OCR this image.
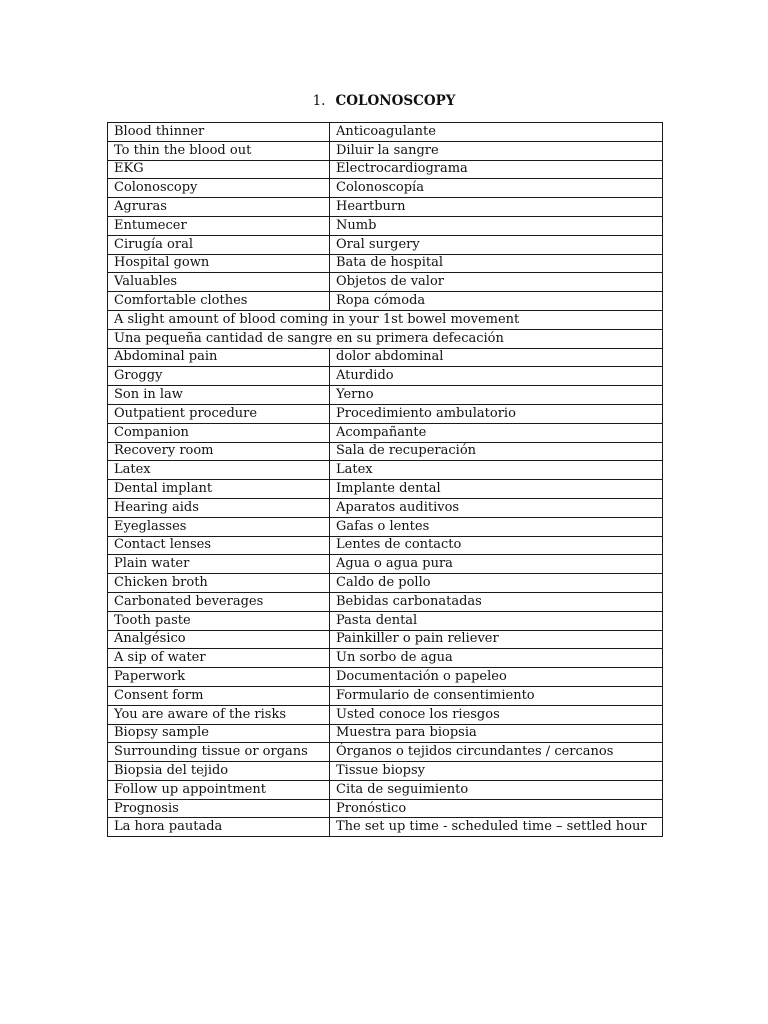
1. COLONOSCOPY
Blood thinner	Anticoagulante
To thin the blood out	Diluir la sangre
EKG	Electrocardiograma
Colonoscopy	Colonoscopía
Agruras	Heartburn
Entumecer	Numb
Cirugía oral	Oral surgery
Hospital gown	Bata de hospital
Valuables	Objetos de valor
Comfortable clothes	Ropa cómoda
A slight amount of blood coming in your 1st bowel movement	
Una pequeña cantidad de sangre en su primera defecación	
Abdominal pain	dolor abdominal
Groggy	Aturdido
Son in law	Yerno
Outpatient procedure	Procedimiento ambulatorio
Companion	Acompañante
Recovery room	Sala de recuperación
Latex	Latex
Dental implant	Implante dental
Hearing aids	Aparatos auditivos
Eyeglasses	Gafas o lentes
Contact lenses	Lentes de contacto
Plain water	Agua o agua pura
Chicken broth	Caldo de pollo
Carbonated beverages	Bebidas carbonatadas
Tooth paste	Pasta dental
Analgésico	Painkiller o pain reliever
A sip of water	Un sorbo de agua
Paperwork	Documentación o papeleo
Consent form	Formulario de consentimiento
You are aware of the risks	Usted conoce los riesgos
Biopsy sample	Muestra para biopsia
Surrounding tissue or organs	Órganos o tejidos circundantes / cercanos
Biopsia del tejido	Tissue biopsy
Follow up appointment	Cita de seguimiento
Prognosis	Pronóstico
La hora pautada	The set up time - scheduled time – settled hour
